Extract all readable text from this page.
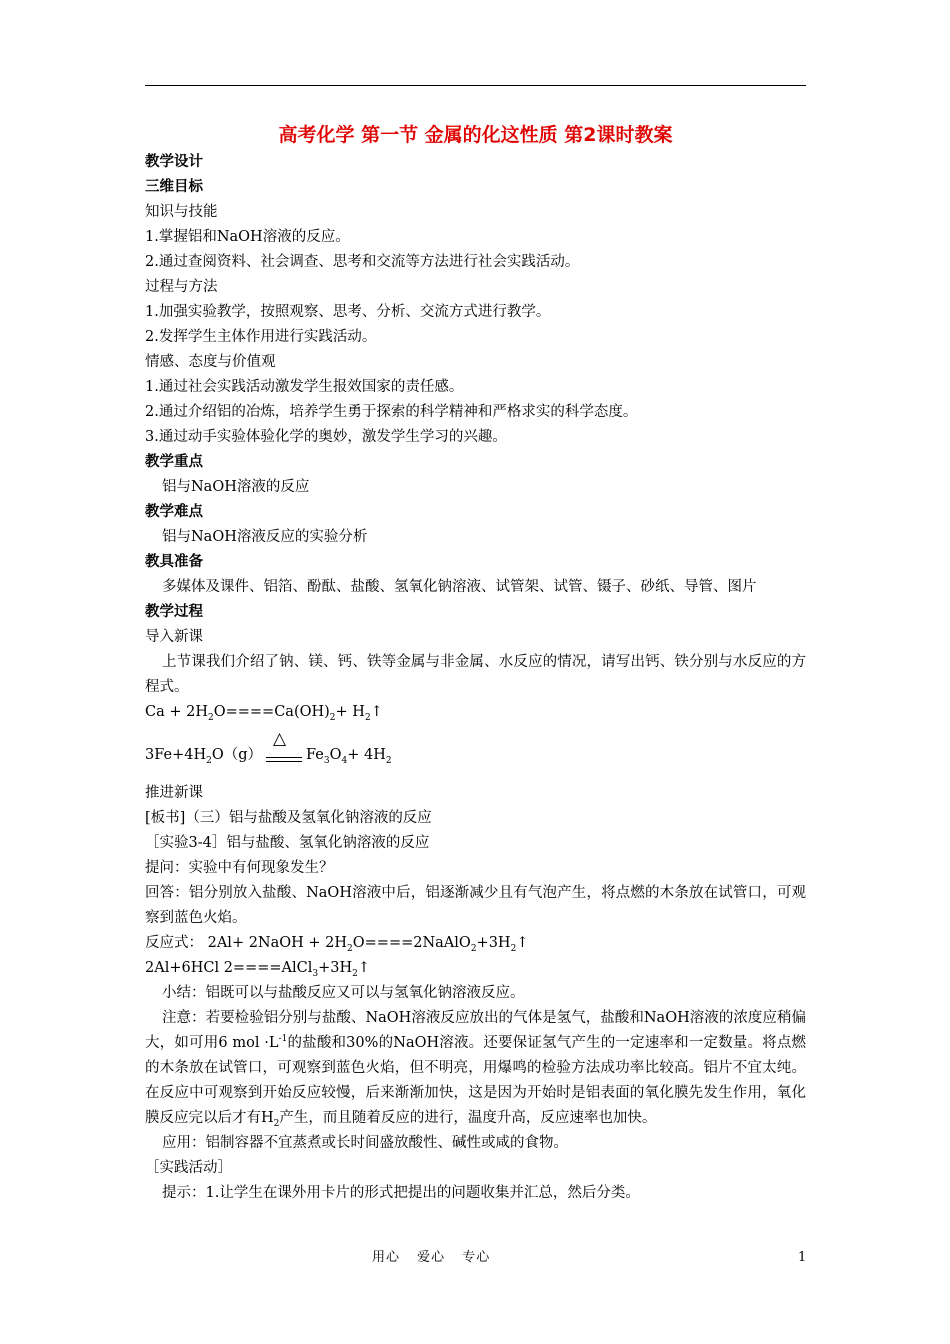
高考化学 第一节 金属的化这性质 第2课时教案

教学设计

三维目标

知识与技能

1.掌握铝和NaOH溶液的反应。

2.通过查阅资料、社会调查、思考和交流等方法进行社会实践活动。

过程与方法

1.加强实验教学，按照观察、思考、分析、交流方式进行教学。

2.发挥学生主体作用进行实践活动。

情感、态度与价值观

1.通过社会实践活动激发学生报效国家的责任感。

2.通过介绍铝的冶炼，培养学生勇于探索的科学精神和严格求实的科学态度。

3.通过动手实验体验化学的奥妙，激发学生学习的兴趣。

教学重点

铝与NaOH溶液的反应

教学难点

铝与NaOH溶液反应的实验分析

教具准备

多媒体及课件、铝箔、酚酞、盐酸、氢氧化钠溶液、试管架、试管、镊子、砂纸、导管、图片

教学过程

导入新课

上节课我们介绍了钠、镁、钙、铁等金属与非金属、水反应的情况，请写出钙、铁分别与水反应的方程式。

$Ca + 2H_2O====Ca(OH)_2+$ $H_2↑$

$3Fe+4H_2O(g)$
△
$Fe_3O_4+ 4H_2$

推进新课

[板书]（三）铝与盐酸及氢氧化钠溶液的反应

［实验3-4］铝与盐酸、氢氧化钠溶液的反应

提问：实验中有何现象发生？

回答：铝分别放入盐酸、NaOH溶液中后，铝逐渐减少且有气泡产生，将点燃的木条放在试管口，可观察到蓝色火焰。

反应式： 2Al+ 2NaOH + $2H_2O====2NaAlO_2+3H_2↑$

2Al+6HCl $2====AlCl_3+3H_2↑$

小结：铝既可以与盐酸反应又可以与氢氧化钠溶液反应。

注意：若要检验铝分别与盐酸、NaOH溶液反应放出的气体是氢气，盐酸和NaOH溶液的浓度应稍偏大，如可用6 mol $\cdot L^{-1}$的盐酸和30%的NaOH溶液。还要保证氢气产生的一定速率和一定数量。将点燃的木条放在试管口，可观察到蓝色火焰，但不明亮，用爆鸣的检验方法成功率比较高。铝片不宜太纯。在反应中可观察到开始反应较慢，后来渐渐加快，这是因为开始时是铝表面的氧化膜先发生作用，氧化膜反应完以后才有$H_2$产生，而且随着反应的进行，温度升高，反应速率也加快。

应用：铝制容器不宜蒸煮或长时间盛放酸性、碱性或咸的食物。

［实践活动］

提示：1.让学生在课外用卡片的形式把提出的问题收集并汇总，然后分类。

用心 爱心 专心	1
